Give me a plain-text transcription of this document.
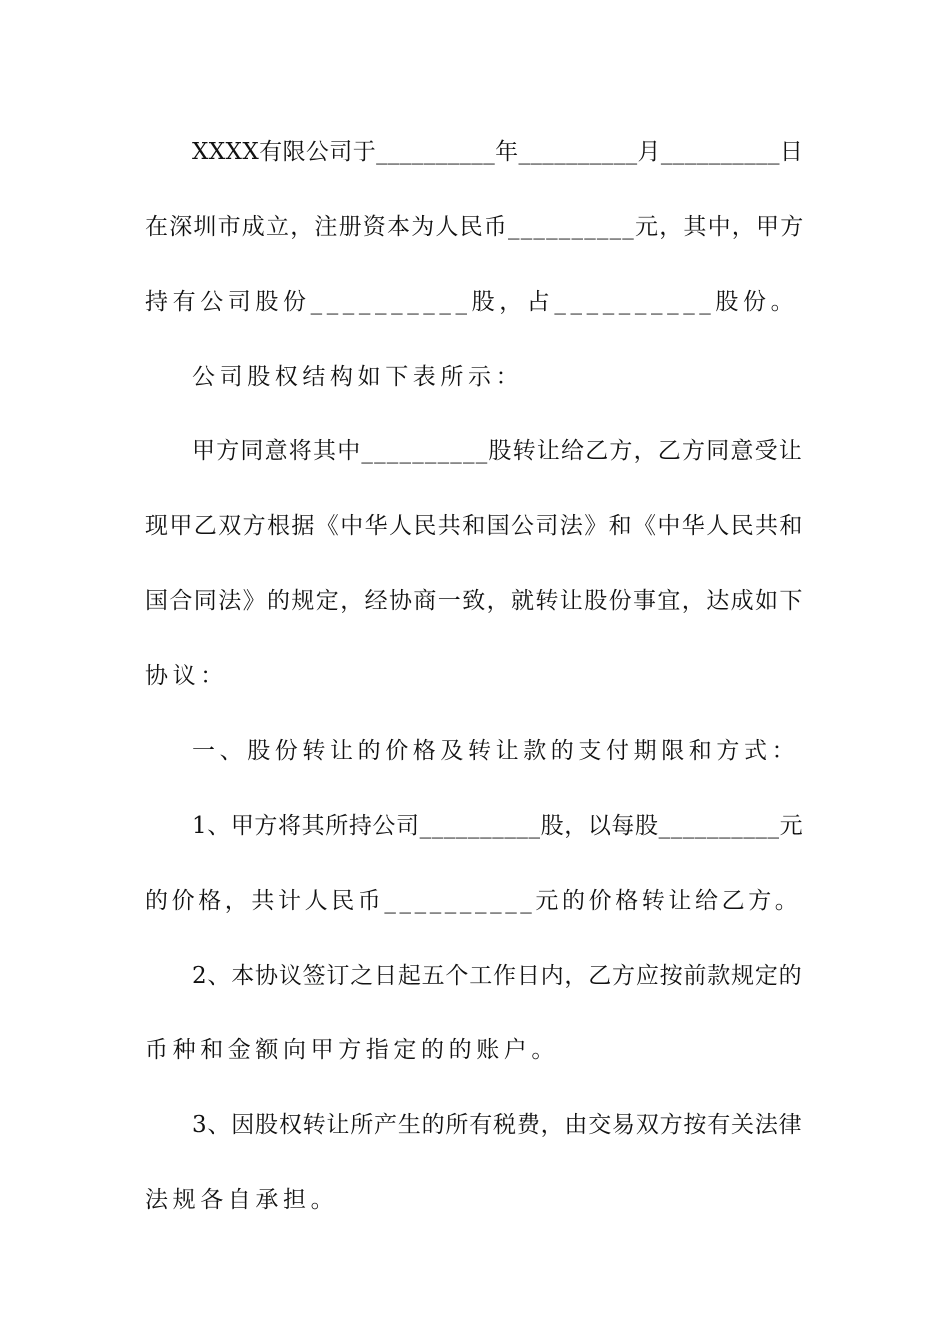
XXXX有限公司于__________年__________月__________日
在深圳市成立，注册资本为人民币__________元，其中，甲方
持有公司股份__________股，占__________股份。
公司股权结构如下表所示：
甲方同意将其中__________股转让给乙方，乙方同意受让
现甲乙双方根据《中华人民共和国公司法》和《中华人民共和
国合同法》的规定，经协商一致，就转让股份事宜，达成如下
协议：
一、股份转让的价格及转让款的支付期限和方式：
1、甲方将其所持公司__________股，以每股__________元
的价格，共计人民币__________元的价格转让给乙方。
2、本协议签订之日起五个工作日内，乙方应按前款规定的
币种和金额向甲方指定的的账户。
3、因股权转让所产生的所有税费，由交易双方按有关法律
法规各自承担。
